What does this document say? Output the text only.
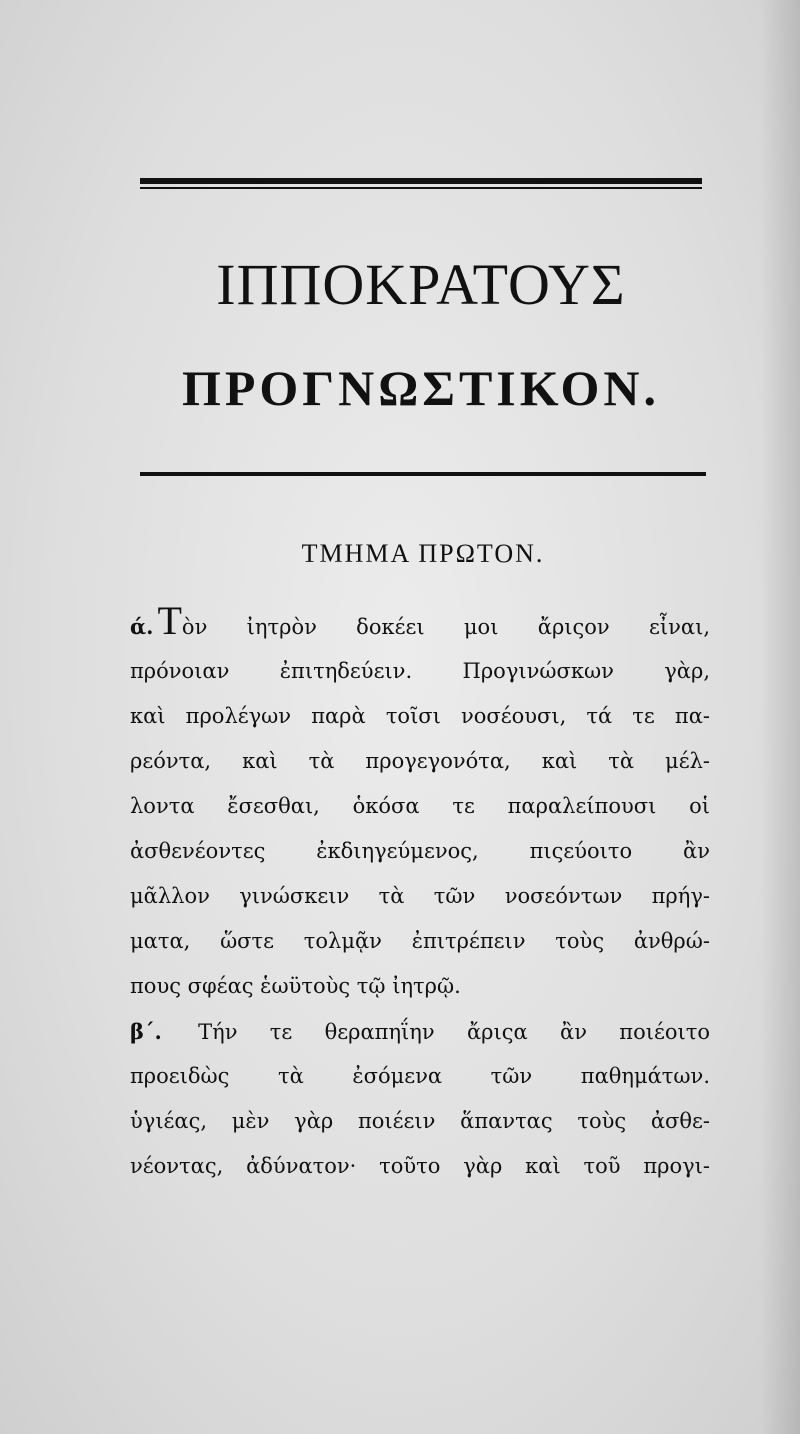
ΙΠΠΟΚΡΑΤΟΥΣ
ΠΡΟΓΝΩΣΤΙΚΟΝ.
ΤΜΗΜΑ ΠΡΩΤΟΝ.
ά. Τὸν ἰητρὸν δοκέει μοι ἄριςον εἶναι,
πρόνοιαν ἐπιτηδεύειν. Προγινώσκων γὰρ,
καὶ προλέγων παρὰ τοῖσι νοσέουσι, τά τε πα-
ρεόντα, καὶ τὰ προγεγονότα, καὶ τὰ μέλ-
λοντα ἔσεσθαι, ὁκόσα τε παραλείπουσι οἱ
ἀσθενέοντες ἐκδιηγεύμενος, πιςεύοιτο ἂν
μᾶλλον γινώσκειν τὰ τῶν νοσεόντων πρήγ-
ματα, ὥστε τολμᾷν ἐπιτρέπειν τοὺς ἀνθρώ-
πους σφέας ἑωϋτοὺς τῷ ἰητρῷ.
β΄. Τήν τε θεραπηΐην ἄριςα ἂν ποιέοιτο
προειδὼς τὰ ἐσόμενα τῶν παθημάτων.
ὑγιέας, μὲν γὰρ ποιέειν ἅπαντας τοὺς ἀσθε-
νέοντας, ἀδύνατον· τοῦτο γὰρ καὶ τοῦ προγι-
